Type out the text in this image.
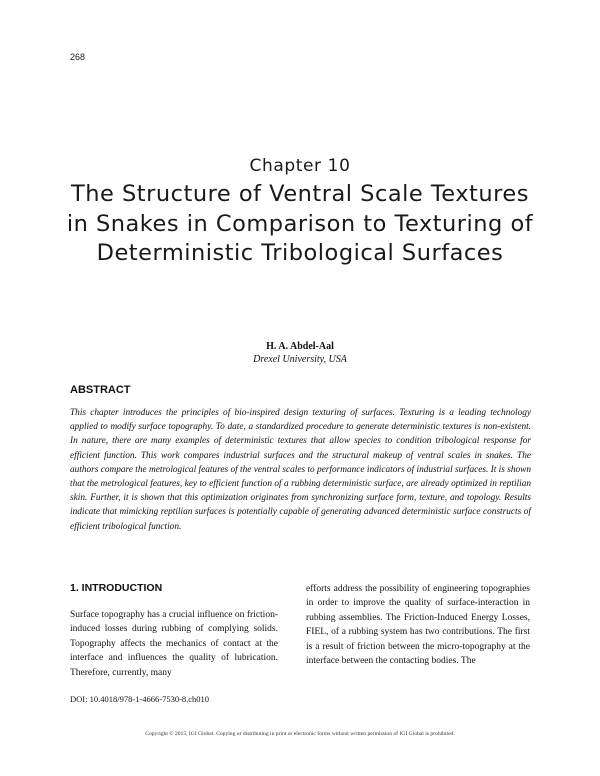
268
Chapter 10
The Structure of Ventral Scale Textures in Snakes in Comparison to Texturing of Deterministic Tribological Surfaces
H. A. Abdel-Aal
Drexel University, USA
ABSTRACT

This chapter introduces the principles of bio-inspired design texturing of surfaces. Texturing is a leading technology applied to modify surface topography. To date, a standardized procedure to generate deterministic textures is non-existent. In nature, there are many examples of deterministic textures that allow species to condition tribological response for efficient function. This work compares industrial surfaces and the structural makeup of ventral scales in snakes. The authors compare the metrological features of the ventral scales to performance indicators of industrial surfaces. It is shown that the metrological features, key to efficient function of a rubbing deterministic surface, are already optimized in reptilian skin. Further, it is shown that this optimization originates from synchronizing surface form, texture, and topology. Results indicate that mimicking reptilian surfaces is potentially capable of generating advanced deterministic surface constructs of efficient tribological function.

1. INTRODUCTION

Surface topography has a crucial influence on friction-induced losses during rubbing of complying solids. Topography affects the mechanics of contact at the interface and influences the quality of lubrication. Therefore, currently, many

efforts address the possibility of engineering topographies in order to improve the quality of surface-interaction in rubbing assemblies. The Friction-Induced Energy Losses, FIEL, of a rubbing system has two contributions. The first is a result of friction between the micro-topography at the interface between the contacting bodies. The

DOI: 10.4018/978-1-4666-7530-8.ch010
Copyright © 2015, IGI Global. Copying or distributing in print or electronic forms without written permission of IGI Global is prohibited.
